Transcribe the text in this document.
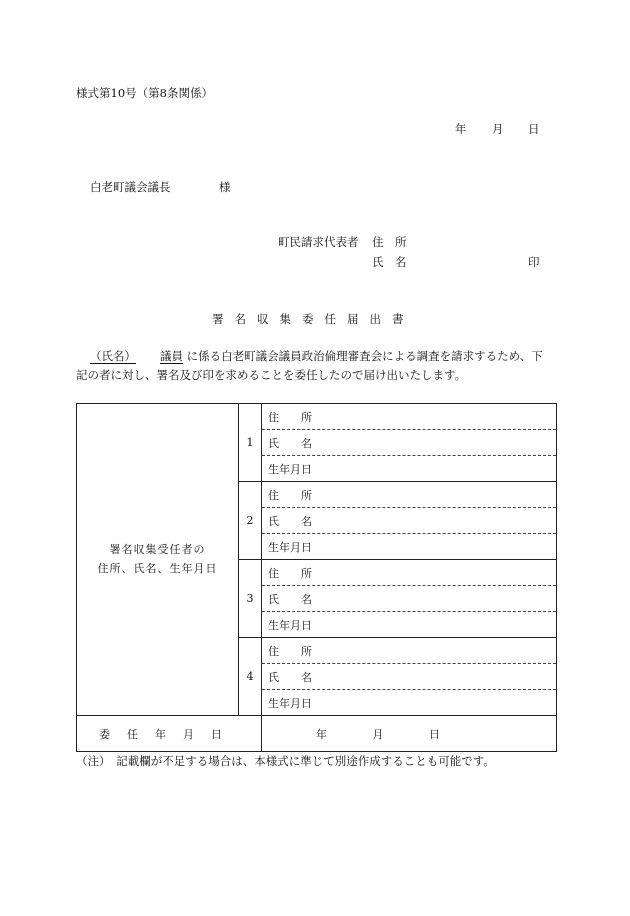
様式第10号（第8条関係）
年 月 日
白老町議会議長	様
町民請求代表者 住　所
氏　名	印
署名収集委任届出書
（氏名） 議員 に係る白老町議会議員政治倫理審査会による調査を請求するため、下
記の者に対し、署名及び印を求めることを委任したので届け出いたします。
署名収集受任者の
住所、氏名、生年月日	1	住　　所
		氏　　名
		生年月日
	2	住　　所
		氏　　名
		生年月日
	3	住　　所
		氏　　名
		生年月日
	4	住　　所
		氏　　名
		生年月日
委任年月日		年 月 日
（注）　記載欄が不足する場合は、本様式に準じて別途作成することも可能です。
